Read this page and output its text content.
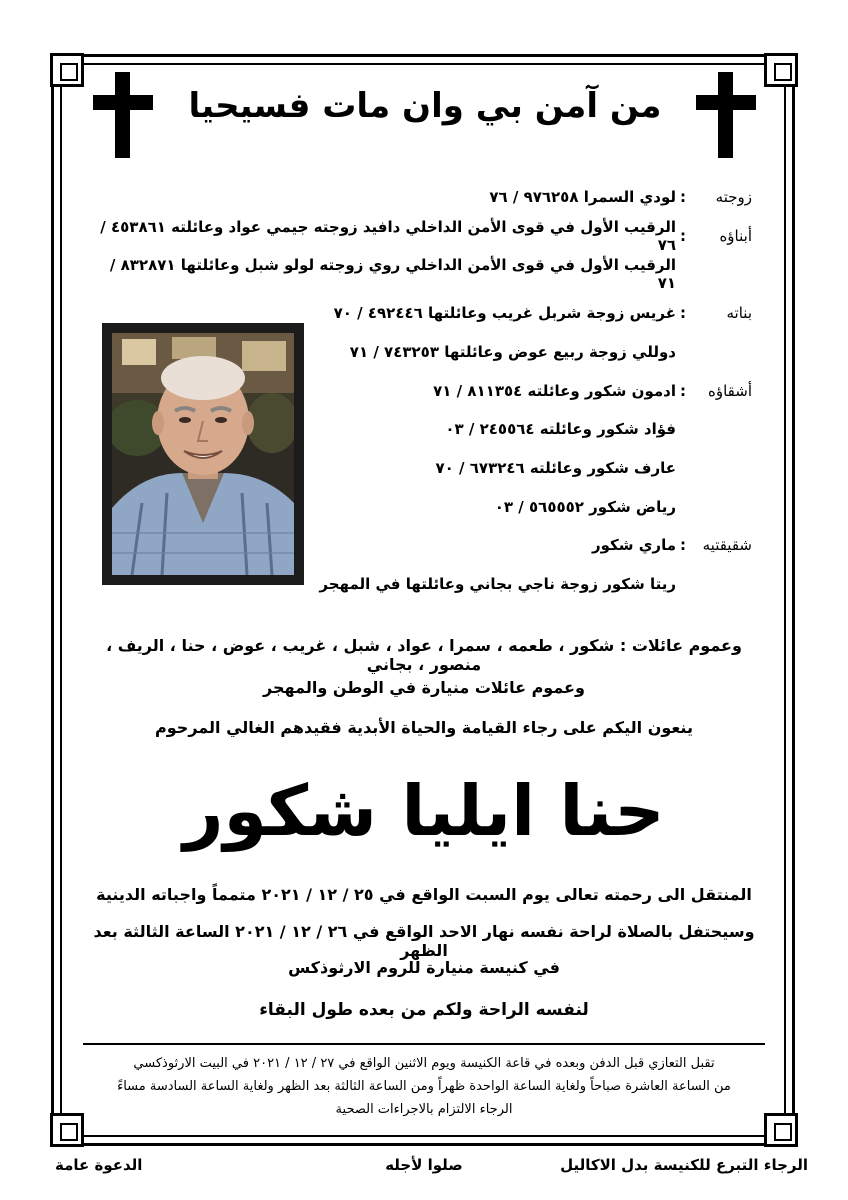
من آمن بي وان مات فسيحيا
زوجته
:
لودي السمرا ٩٧٦٢٥٨ / ٧٦
أبناؤه
:
الرقيب الأول في قوى الأمن الداخلي دافيد زوجته جيمي عواد وعائلته ٤٥٣٨٦١ / ٧٦
الرقيب الأول في قوى الأمن الداخلي روي زوجته لولو شبل وعائلتها ٨٣٢٨٧١ / ٧١
بناته
:
غريس زوجة شربل غريب وعائلتها ٤٩٢٤٤٦ / ٧٠
دوللي زوجة ربيع عوض وعائلتها ٧٤٣٢٥٣ / ٧١
أشقاؤه
:
ادمون شكور وعائلته ٨١١٣٥٤ / ٧١
فؤاد شكور وعائلته ٢٤٥٥٦٤ / ٠٣
عارف شكور وعائلته ٦٧٣٢٤٦ / ٧٠
رياض شكور ٥٦٥٥٥٢ / ٠٣
شقيقتيه
:
ماري شكور
ريتا شكور زوجة ناجي بجاني وعائلتها في المهجر
وعموم عائلات : شكور ، طعمه ، سمرا ، عواد ، شبل ، غريب ، عوض ، حنا ، الريف ، منصور ، بجاني
وعموم عائلات منيارة في الوطن والمهجر
ينعون اليكم على رجاء القيامة والحياة الأبدية فقيدهم الغالي المرحوم
حنا ايليا شكور
المنتقل الى رحمته تعالى يوم السبت الواقع في ٢٥ / ١٢ / ٢٠٢١ متمماً واجباته الدينية
وسيحتفل بالصلاة لراحة نفسه نهار الاحد الواقع في ٢٦ / ١٢ / ٢٠٢١ الساعة الثالثة بعد الظهر
في كنيسة منيارة للروم الارثوذكس
لنفسه الراحة ولكم من بعده طول البقاء
تقبل التعازي قبل الدفن وبعده في قاعة الكنيسة ويوم الاثنين الواقع في ٢٧ / ١٢ / ٢٠٢١ في البيت الارثوذكسي
من الساعة العاشرة صباحاً ولغاية الساعة الواحدة ظهراً ومن الساعة الثالثة بعد الظهر ولغاية الساعة السادسة مساءً
الرجاء الالتزام بالاجراءات الصحية
الرجاء التبرع للكنيسة بدل الاكاليل
صلوا لأجله
الدعوة عامة
